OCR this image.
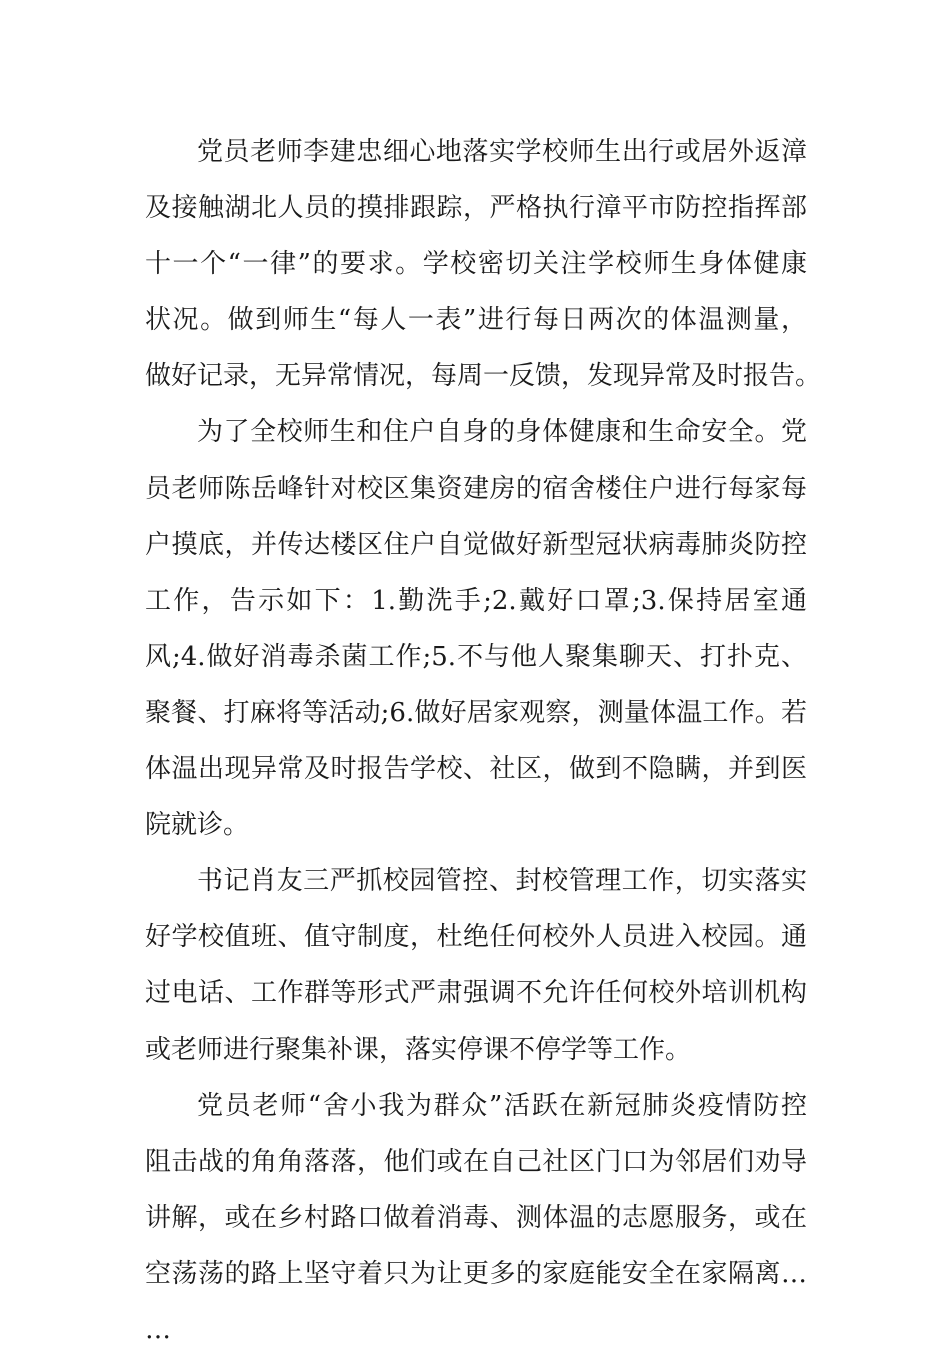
党员老师李建忠细心地落实学校师生出行或居外返漳
及接触湖北人员的摸排跟踪，严格执行漳平市防控指挥部
十一个“一律”的要求。学校密切关注学校师生身体健康
状况。做到师生“每人一表”进行每日两次的体温测量，
做好记录，无异常情况，每周一反馈，发现异常及时报告。
为了全校师生和住户自身的身体健康和生命安全。党
员老师陈岳峰针对校区集资建房的宿舍楼住户进行每家每
户摸底，并传达楼区住户自觉做好新型冠状病毒肺炎防控
工作，告示如下：1.勤洗手;2.戴好口罩;3.保持居室通
风;4.做好消毒杀菌工作;5.不与他人聚集聊天、打扑克、
聚餐、打麻将等活动;6.做好居家观察，测量体温工作。若
体温出现异常及时报告学校、社区，做到不隐瞒，并到医
院就诊。
书记肖友三严抓校园管控、封校管理工作，切实落实
好学校值班、值守制度，杜绝任何校外人员进入校园。通
过电话、工作群等形式严肃强调不允许任何校外培训机构
或老师进行聚集补课，落实停课不停学等工作。
党员老师“舍小我为群众”活跃在新冠肺炎疫情防控
阻击战的角角落落，他们或在自己社区门口为邻居们劝导
讲解，或在乡村路口做着消毒、测体温的志愿服务，或在
空荡荡的路上坚守着只为让更多的家庭能安全在家隔离…
…
